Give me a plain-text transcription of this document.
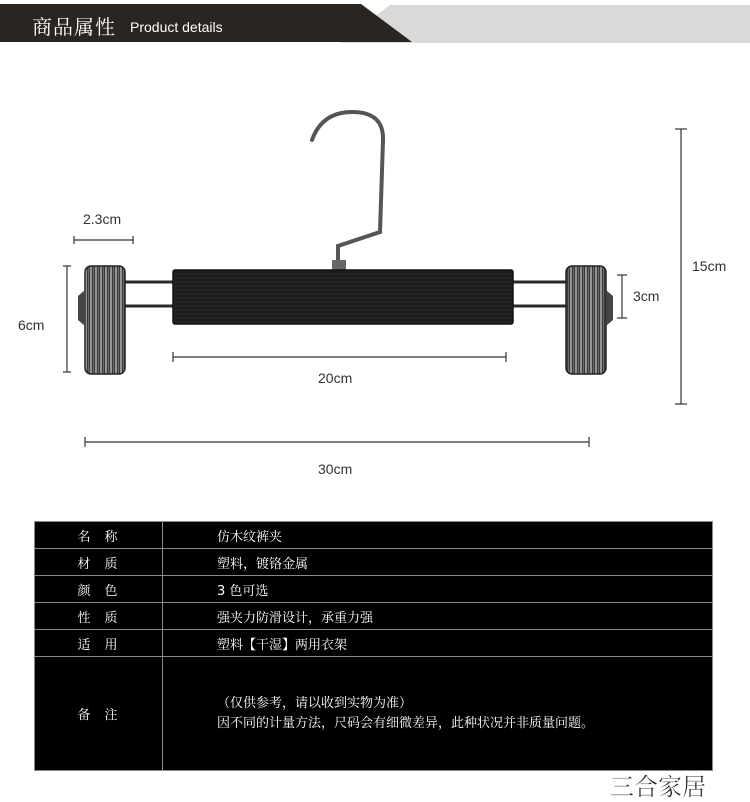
商品属性 Product details
2.3cm
6cm
20cm
3cm
15cm
30cm
名称	仿木纹裤夹
材质	塑料，镀铬金属
颜色	3 色可选
性质	强夹力防滑设计，承重力强
适用	塑料【干湿】两用衣架
备注	（仅供参考，请以收到实物为准）
因不同的计量方法，尺码会有细微差异，此种状况并非质量问题。
三合家居
